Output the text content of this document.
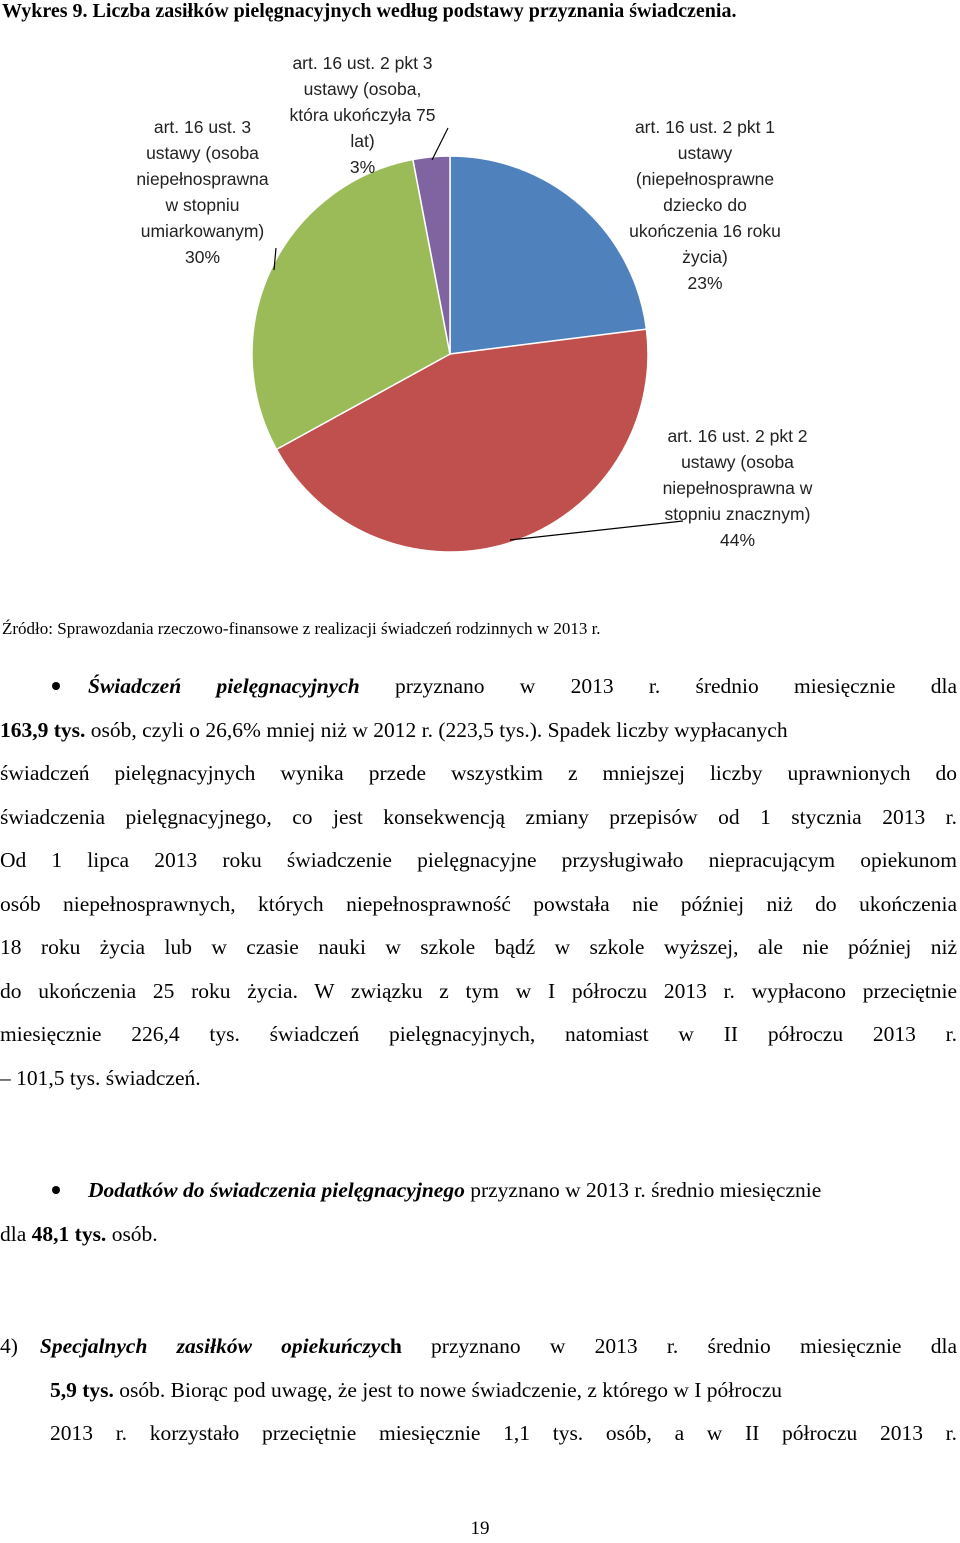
Wykres 9. Liczba zasiłków pielęgnacyjnych według podstawy przyznania świadczenia.
art. 16 ust. 3
ustawy (osoba
niepełnosprawna
w stopniu
umiarkowanym)
30%
art. 16 ust. 2 pkt 3
ustawy (osoba,
która ukończyła 75
lat)
3%
art. 16 ust. 2 pkt 1
ustawy
(niepełnosprawne
dziecko do
ukończenia 16 roku
życia)
23%
art. 16 ust. 2 pkt 2
ustawy (osoba
niepełnosprawna w
stopniu znacznym)
44%
Źródło: Sprawozdania rzeczowo-finansowe z realizacji świadczeń rodzinnych w 2013 r.
Świadczeń pielęgnacyjnych przyznano w 2013 r. średnio miesięcznie dla
163,9 tys. osób, czyli o 26,6% mniej niż w 2012 r. (223,5 tys.). Spadek liczby wypłacanych
świadczeń pielęgnacyjnych wynika przede wszystkim z mniejszej liczby uprawnionych do
świadczenia pielęgnacyjnego, co jest konsekwencją zmiany przepisów od 1 stycznia 2013 r.
Od 1 lipca 2013 roku świadczenie pielęgnacyjne przysługiwało niepracującym opiekunom
osób niepełnosprawnych, których niepełnosprawność powstała nie później niż do ukończenia
18 roku życia lub w czasie nauki w szkole bądź w szkole wyższej, ale nie później niż
do ukończenia 25 roku życia. W związku z tym w I półroczu 2013 r. wypłacono przeciętnie
miesięcznie 226,4 tys. świadczeń pielęgnacyjnych, natomiast w II półroczu 2013 r.
– 101,5 tys. świadczeń.
Dodatków do świadczenia pielęgnacyjnego przyznano w 2013 r. średnio miesięcznie
dla 48,1 tys. osób.
4) Specjalnych zasiłków opiekuńczych przyznano w 2013 r. średnio miesięcznie dla
5,9 tys. osób. Biorąc pod uwagę, że jest to nowe świadczenie, z którego w I półroczu
2013 r. korzystało przeciętnie miesięcznie 1,1 tys. osób, a w II półroczu 2013 r.
19
